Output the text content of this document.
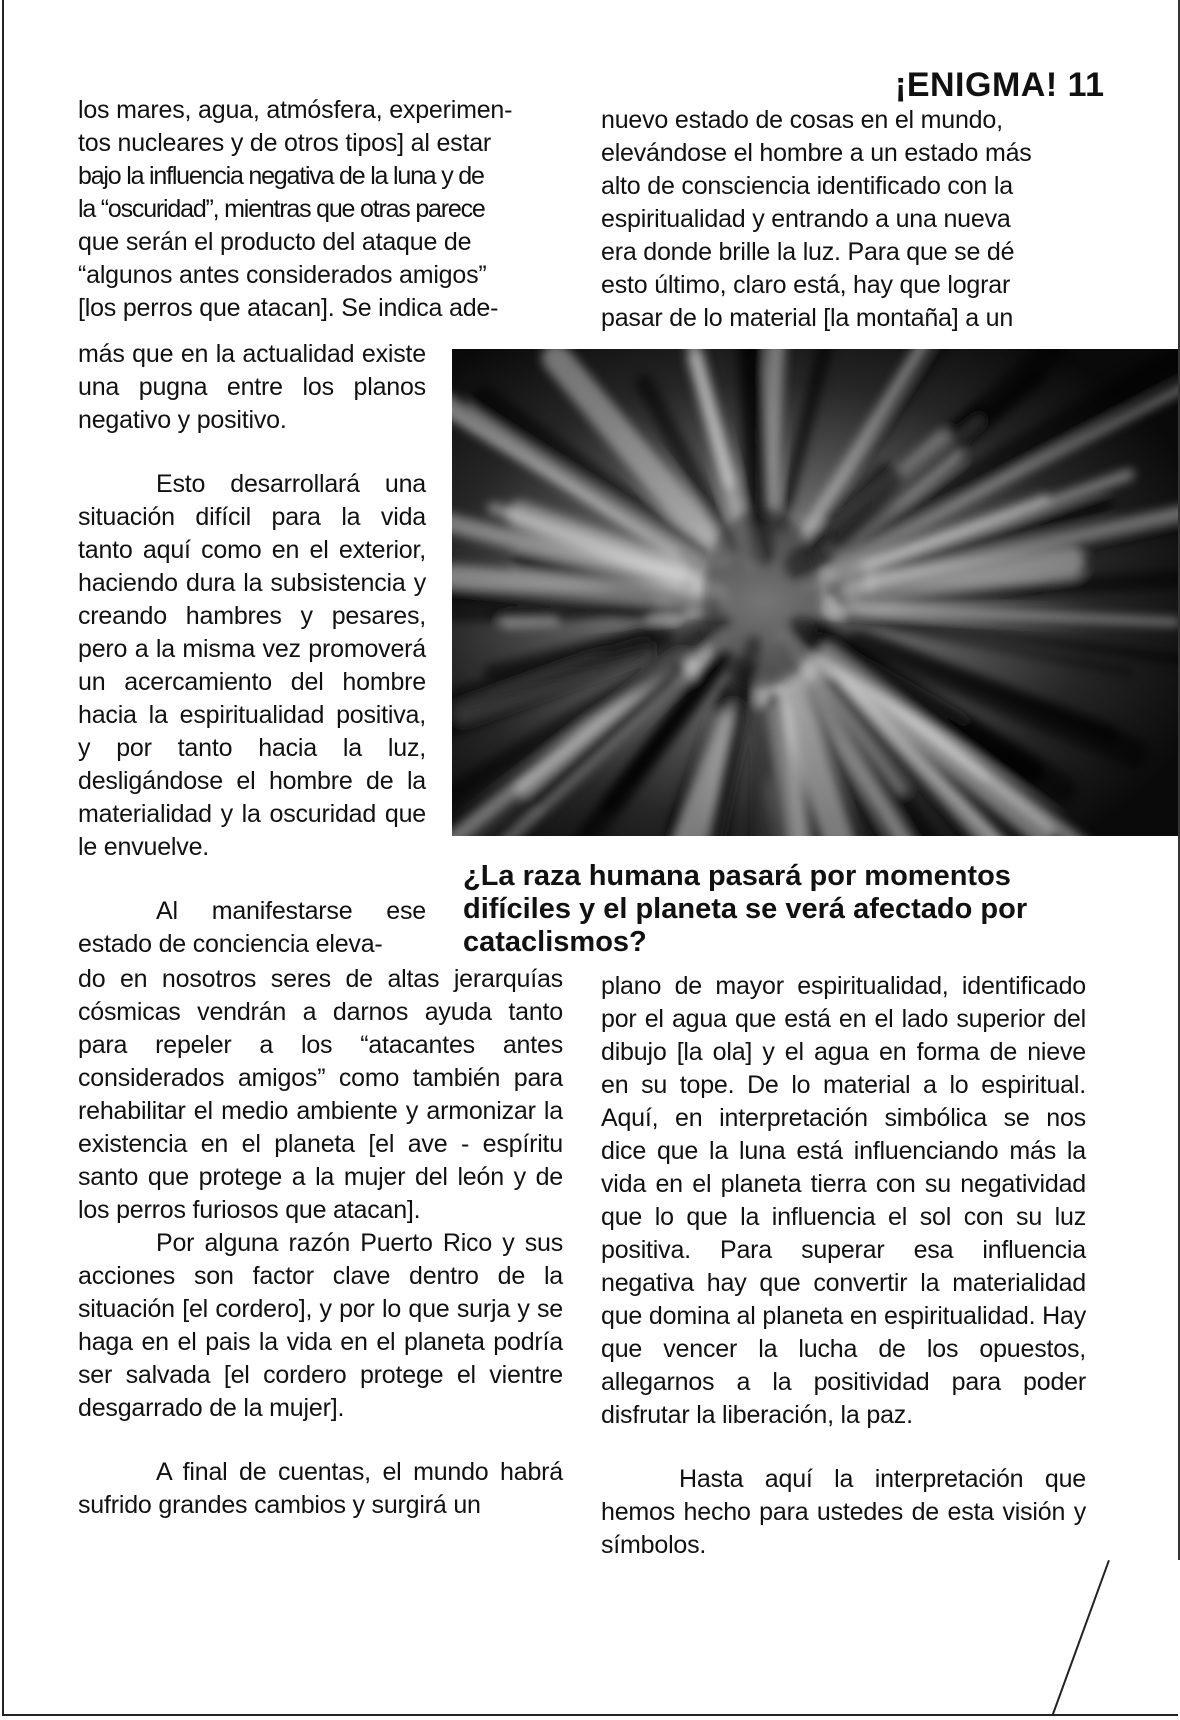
¡ENIGMA! 11

los mares, agua, atmósfera, experimen-

tos nucleares y de otros tipos] al estar

bajo la influencia negativa de la luna y de

la “oscuridad”, mientras que otras parece

que serán el producto del ataque de

“algunos antes considerados amigos”

[los perros que atacan]. Se indica ade-

nuevo estado de cosas en el mundo,

elevándose el hombre a un estado más

alto de consciencia identificado con la

espiritualidad y entrando a una nueva

era donde brille la luz. Para que se dé

esto último, claro está, hay que lograr

pasar de lo material [la montaña] a un

más que en la actualidad existe una pugna entre los planos negativo y positivo.

Esto desarrollará una situación difícil para la vida tanto aquí como en el exterior, haciendo dura la subsistencia y creando hambres y pesares, pero a la misma vez promoverá un acercamiento del hombre hacia la espiritualidad positiva, y por tanto hacia la luz, desligándose el hombre de la materialidad y la oscuridad que le envuelve.

Al manifestarse ese estado de conciencia eleva-

¿La raza humana pasará por momentos difíciles y el planeta se verá afectado por cataclismos?

do en nosotros seres de altas jerarquías cósmicas vendrán a darnos ayuda tanto para repeler a los “atacantes antes considerados amigos” como también para rehabilitar el medio ambiente y armonizar la existencia en el planeta [el ave - espíritu santo que protege a la mujer del león y de los perros furiosos que atacan].

Por alguna razón Puerto Rico y sus acciones son factor clave dentro de la situación [el cordero], y por lo que surja y se haga en el pais la vida en el planeta podría ser salvada [el cordero protege el vientre desgarrado de la mujer].

A final de cuentas, el mundo habrá sufrido grandes cambios y surgirá un

plano de mayor espiritualidad, identificado por el agua que está en el lado superior del dibujo [la ola] y el agua en forma de nieve en su tope. De lo material a lo espiritual. Aquí, en interpretación simbólica se nos dice que la luna está influenciando más la vida en el planeta tierra con su negatividad que lo que la influencia el sol con su luz positiva. Para superar esa influencia negativa hay que convertir la materialidad que domina al planeta en espiritualidad. Hay que vencer la lucha de los opuestos, allegarnos a la positividad para poder disfrutar la liberación, la paz.

Hasta aquí la interpretación que hemos hecho para ustedes de esta visión y símbolos.
